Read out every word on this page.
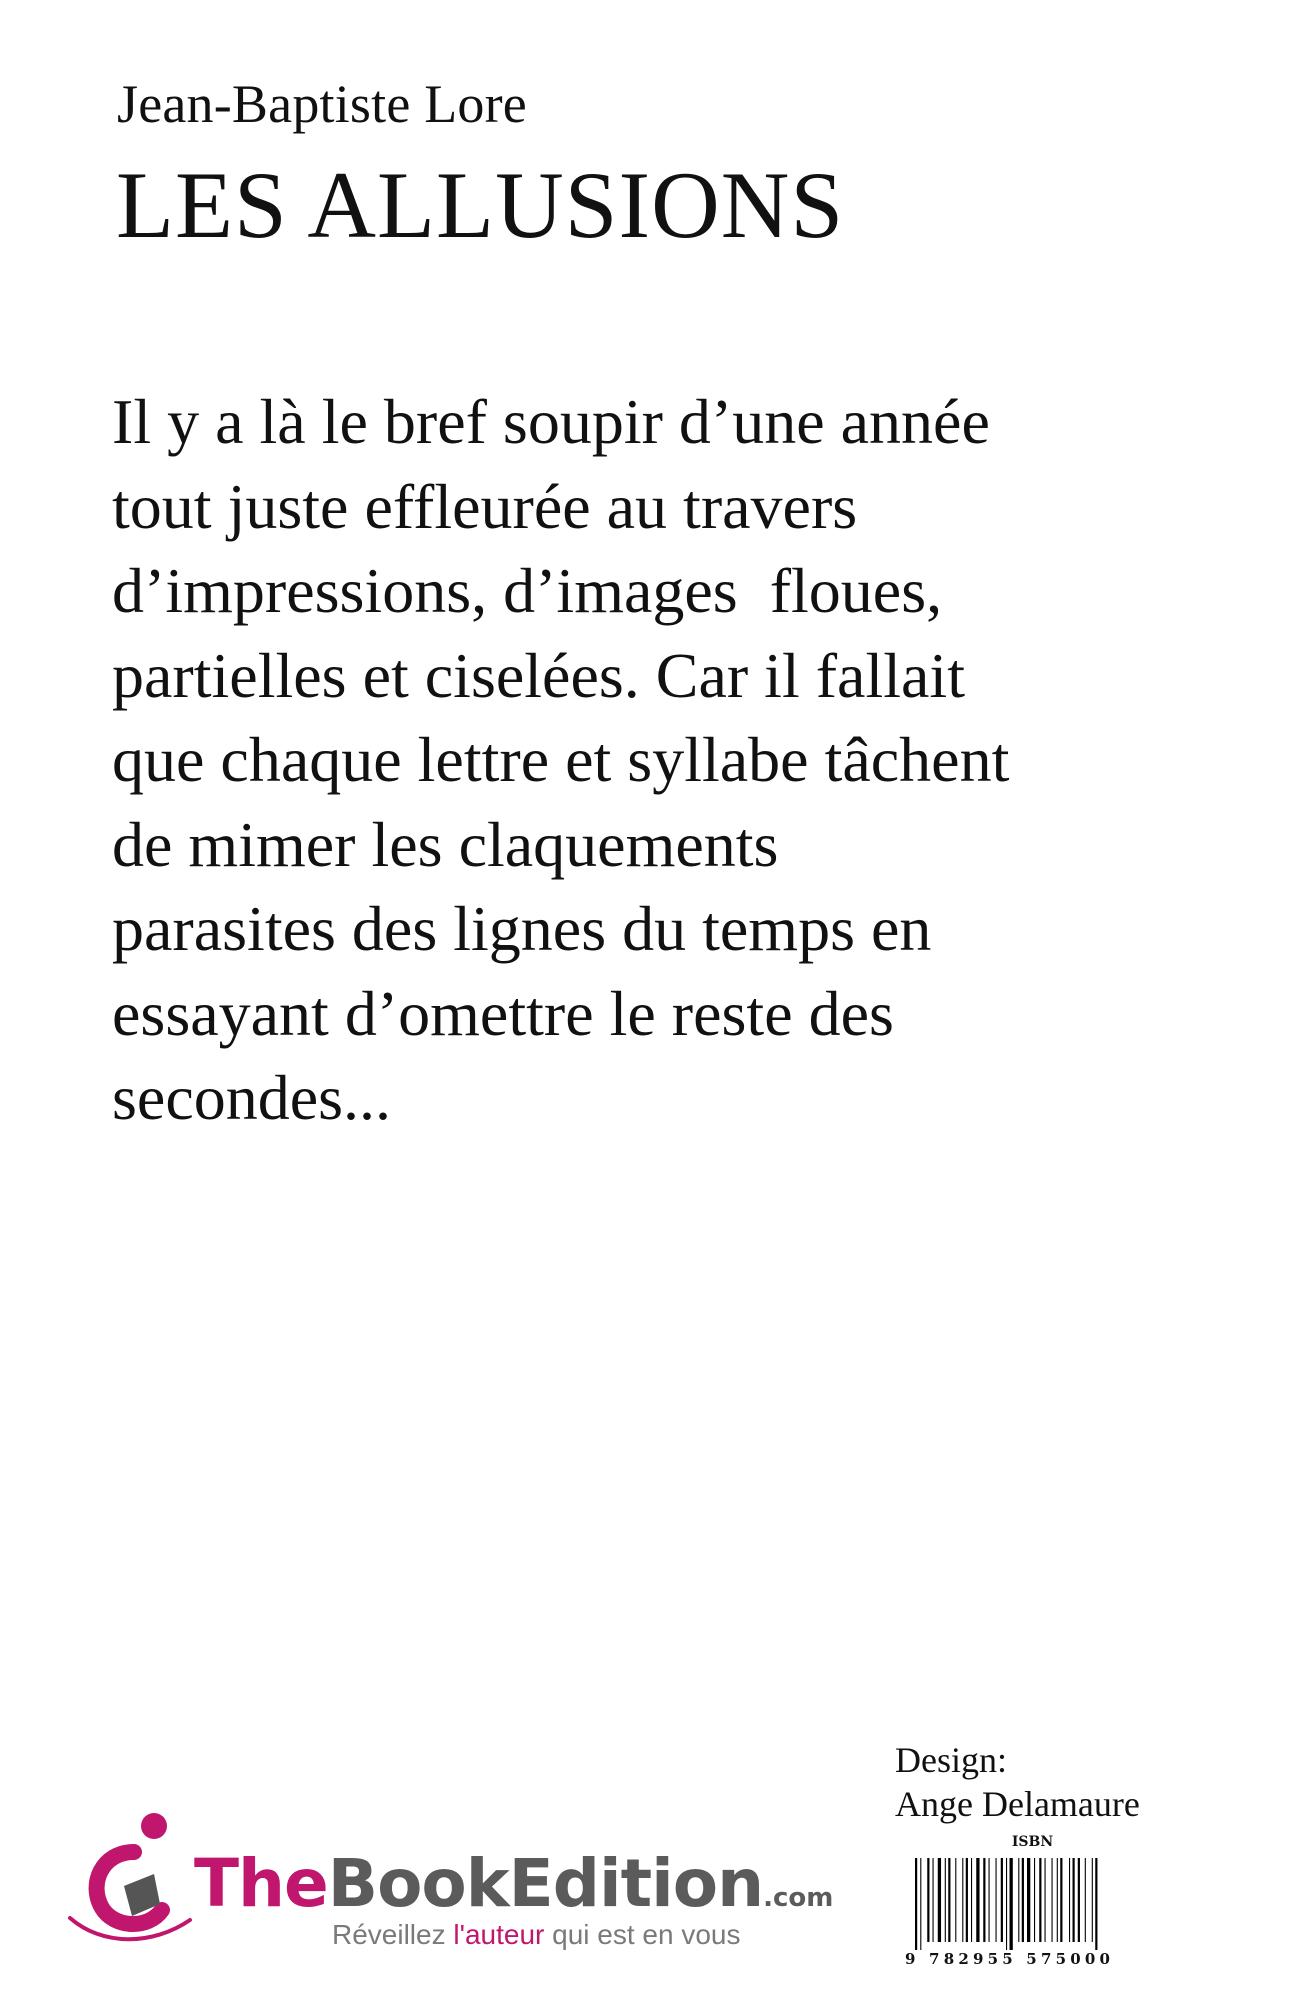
Jean-Baptiste Lore
LES ALLUSIONS
Il y a là le bref soupir d’une année
tout juste effleurée au travers
d’impressions, d’images  floues,
partielles et ciselées. Car il fallait
que chaque lettre et syllabe tâchent
de mimer les claquements
parasites des lignes du temps en
essayant d’omettre le reste des
secondes...
Design:
Ange Delamaure
TheBookEdition.com
Réveillez l'auteur qui est en vous
ISBN
9 782955 575000
